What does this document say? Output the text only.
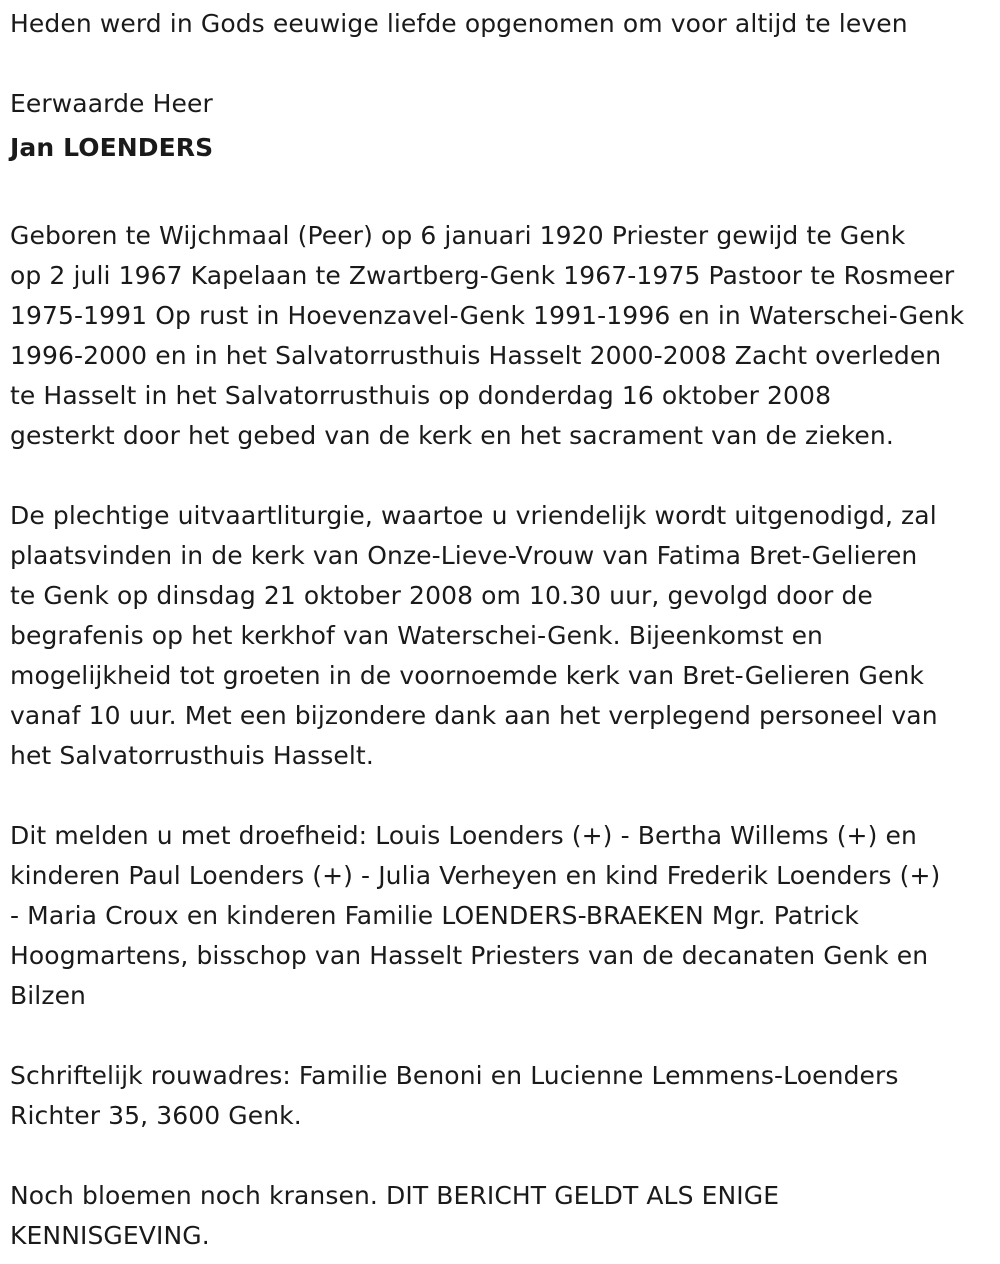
Heden werd in Gods eeuwige liefde opgenomen om voor altijd te leven
Eerwaarde Heer
Jan LOENDERS
Geboren te Wijchmaal (Peer) op 6 januari 1920 Priester gewijd te Genk
op 2 juli 1967 Kapelaan te Zwartberg-Genk 1967-1975 Pastoor te Rosmeer
1975-1991 Op rust in Hoevenzavel-Genk 1991-1996 en in Waterschei-Genk
1996-2000 en in het Salvatorrusthuis Hasselt 2000-2008 Zacht overleden
te Hasselt in het Salvatorrusthuis op donderdag 16 oktober 2008
gesterkt door het gebed van de kerk en het sacrament van de zieken.
De plechtige uitvaartliturgie, waartoe u vriendelijk wordt uitgenodigd, zal
plaatsvinden in de kerk van Onze-Lieve-Vrouw van Fatima Bret-Gelieren
te Genk op dinsdag 21 oktober 2008 om 10.30 uur, gevolgd door de
begrafenis op het kerkhof van Waterschei-Genk. Bijeenkomst en
mogelijkheid tot groeten in de voornoemde kerk van Bret-Gelieren Genk
vanaf 10 uur. Met een bijzondere dank aan het verplegend personeel van
het Salvatorrusthuis Hasselt.
Dit melden u met droefheid: Louis Loenders (+) - Bertha Willems (+) en
kinderen Paul Loenders (+) - Julia Verheyen en kind Frederik Loenders (+)
- Maria Croux en kinderen Familie LOENDERS-BRAEKEN Mgr. Patrick
Hoogmartens, bisschop van Hasselt Priesters van de decanaten Genk en
Bilzen
Schriftelijk rouwadres: Familie Benoni en Lucienne Lemmens-Loenders
Richter 35, 3600 Genk.
Noch bloemen noch kransen. DIT BERICHT GELDT ALS ENIGE
KENNISGEVING.
